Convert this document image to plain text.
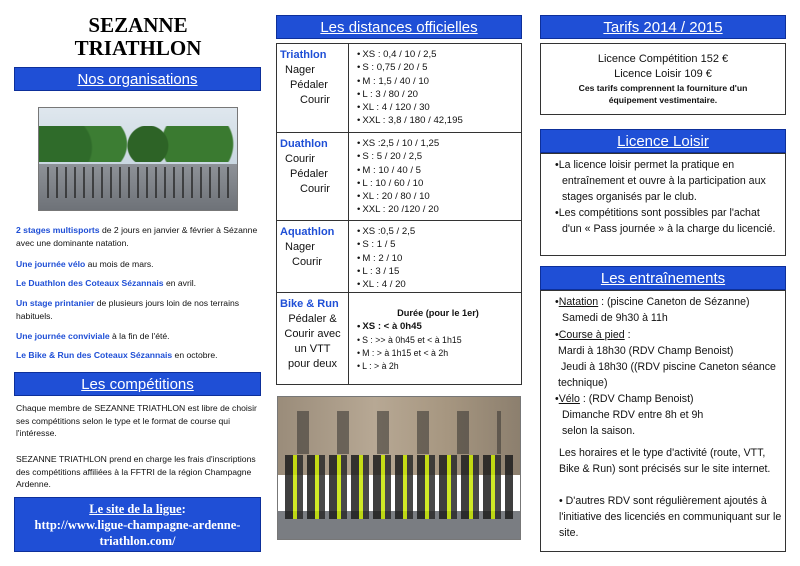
SEZANNE
TRIATHLON
Nos organisations
2 stages multisports de 2 jours en janvier & février à Sézanne avec une dominante natation.
Une journée vélo au mois de mars.
Le Duathlon des Coteaux Sézannais en avril.
Un stage printanier de plusieurs jours loin de nos terrains habituels.
Une journée conviviale à la fin de l'été.
Le Bike & Run des Coteaux Sézannais en octobre.
Les compétitions
Chaque membre de SEZANNE TRIATHLON est libre de choisir ses compétitions selon le type et le format de course qui l'intéresse.
SEZANNE TRIATHLON prend en charge les frais d'inscriptions des compétitions affiliées à la FFTRI de la région Champagne Ardenne.
Le site de la ligue:
http://www.ligue-champagne-ardenne-triathlon.com/
Les distances officielles
Triathlon
Nager
Pédaler
Courir
• XS : 0,4 / 10 / 2,5
• S : 0,75 / 20 / 5
• M : 1,5 / 40 / 10
• L : 3 / 80 / 20
• XL : 4 / 120 / 30
• XXL : 3,8 / 180 / 42,195
Duathlon
Courir
Pédaler
Courir
• XS :2,5 / 10 / 1,25
• S : 5 / 20 / 2,5
• M : 10 / 40 / 5
• L : 10 / 60 / 10
• XL : 20 / 80 / 10
• XXL : 20 /120 / 20
Aquathlon
Nager
Courir
• XS :0,5 / 2,5
• S : 1 / 5
• M : 2 / 10
• L : 3 / 15
• XL : 4 / 20
Bike & Run
Pédaler &
Courir avec
un VTT
pour deux
Durée (pour le 1er)
• XS : < à 0h45
• S : >> à 0h45 et < à 1h15
• M : > à 1h15 et < à 2h
• L : > à 2h
Tarifs 2014 / 2015
Licence Compétition 152 €
Licence Loisir 109 €
Ces tarifs comprennent la fourniture d'un équipement vestimentaire.
Licence Loisir
•La licence loisir permet la pratique en entraînement et ouvre à la participation aux stages organisés par le club.
•Les compétitions sont possibles par l'achat d'un « Pass journée » à la charge du licencié.
Les entraînements
•Natation : (piscine Caneton de Sézanne)
Samedi de 9h30 à 11h
•Course à pied :
Mardi à 18h30 (RDV Champ Benoist)
Jeudi à 18h30 ((RDV piscine Caneton séance technique)
•Vélo : (RDV Champ Benoist)
Dimanche RDV entre 8h et 9h
selon la saison.
Les horaires et le type d'activité (route, VTT, Bike & Run) sont précisés sur le site internet.
• D'autres RDV sont régulièrement ajoutés à l'initiative des licenciés en communiquant sur le site.
